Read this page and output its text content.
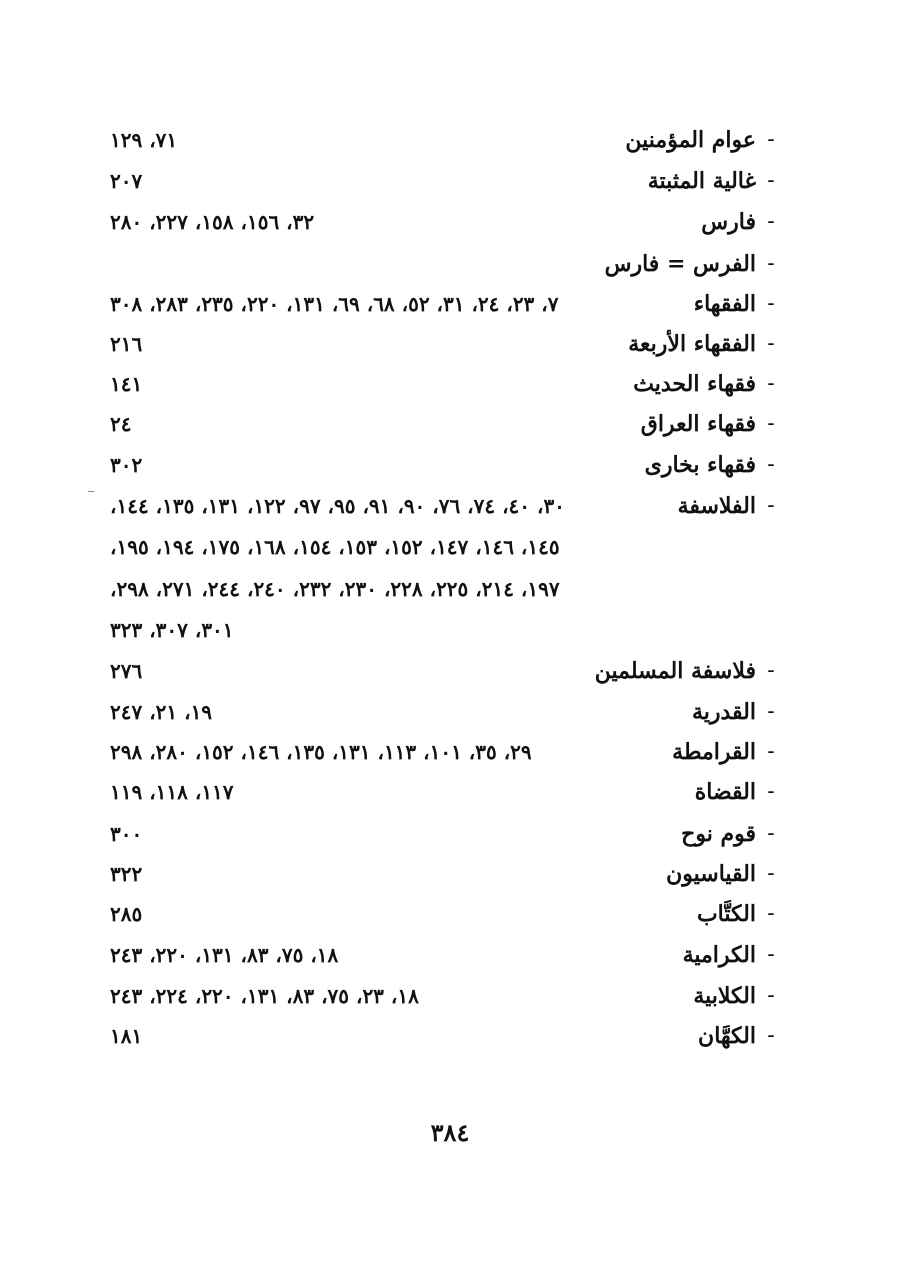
-
عوام المؤمنين
٧١، ١٢٩
-
غالية المثبتة
٢٠٧
-
فارس
٣٢، ١٥٦، ١٥٨، ٢٢٧، ٢٨٠
-
الفرس = فارس
-
الفقهاء
٧، ٢٣، ٢٤، ٣١، ٥٢، ٦٨، ٦٩، ١٣١، ٢٢٠، ٢٣٥، ٢٨٣، ٣٠٨
-
الفقهاء الأربعة
٢١٦
-
فقهاء الحديث
١٤١
-
فقهاء العراق
٢٤
-
فقهاء بخارى
٣٠٢
-
الفلاسفة
٣٠، ٤٠، ٧٤، ٧٦، ٩٠، ٩١، ٩٥، ٩٧، ١٢٢، ١٣١، ١٣٥، ١٤٤،
١٤٥، ١٤٦، ١٤٧، ١٥٢، ١٥٣، ١٥٤، ١٦٨، ١٧٥، ١٩٤، ١٩٥،
١٩٧، ٢١٤، ٢٢٥، ٢٢٨، ٢٣٠، ٢٣٢، ٢٤٠، ٢٤٤، ٢٧١، ٢٩٨،
٣٠١، ٣٠٧، ٣٢٣
-
فلاسفة المسلمين
٢٧٦
-
القدرية
١٩، ٢١، ٢٤٧
-
القرامطة
٢٩، ٣٥، ١٠١، ١١٣، ١٣١، ١٣٥، ١٤٦، ١٥٢، ٢٨٠، ٢٩٨
-
القضاة
١١٧، ١١٨، ١١٩
-
قوم نوح
٣٠٠
-
القياسيون
٣٢٢
-
الكتَّاب
٢٨٥
-
الكرامية
١٨، ٧٥، ٨٣، ١٣١، ٢٢٠، ٢٤٣
-
الكلابية
١٨، ٢٣، ٧٥، ٨٣، ١٣١، ٢٢٠، ٢٢٤، ٢٤٣
-
الكهَّان
١٨١
٣٨٤
